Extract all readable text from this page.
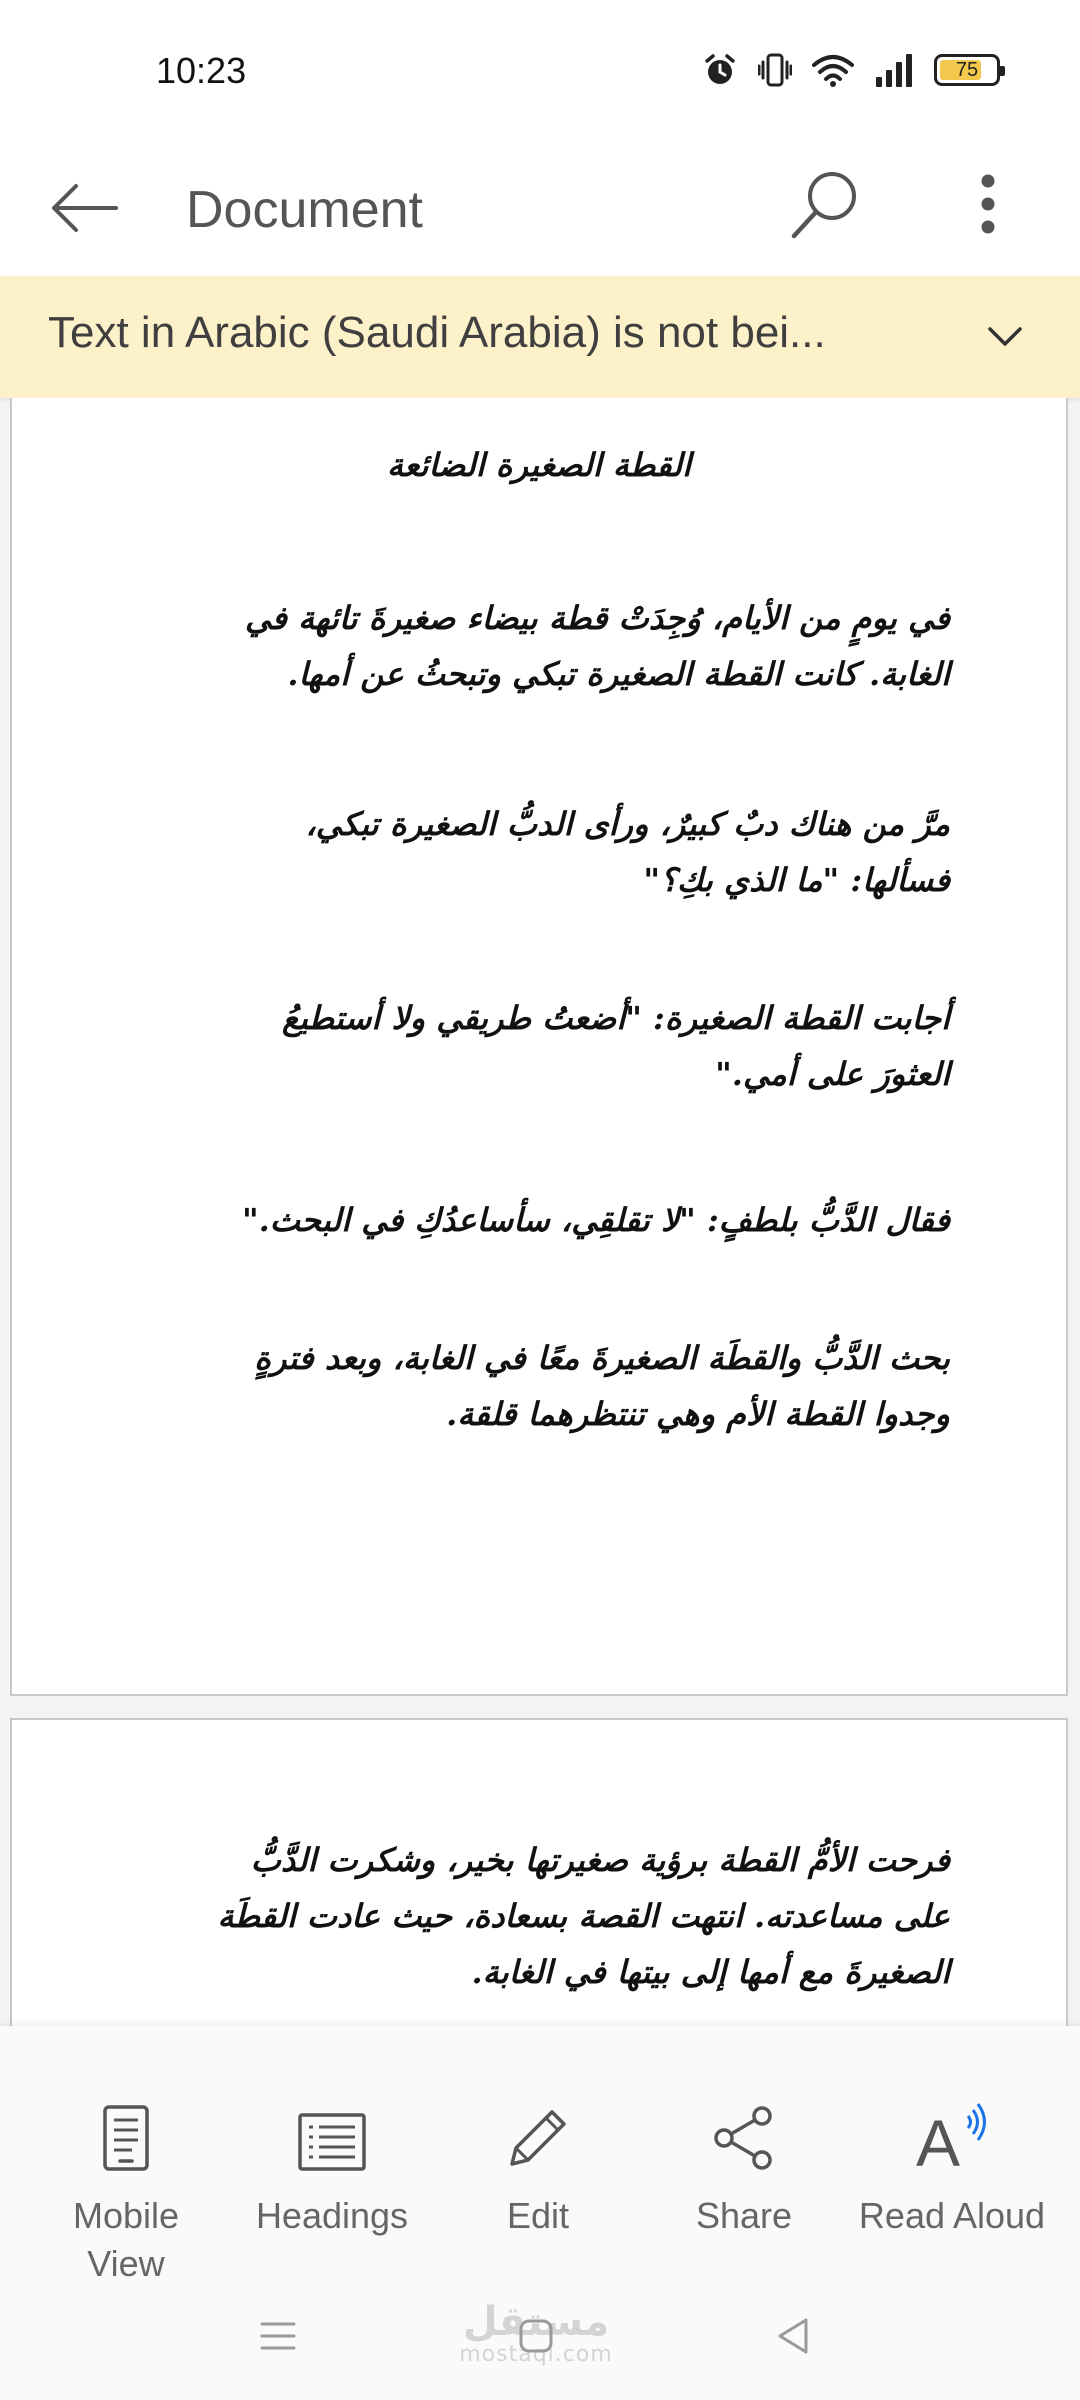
10:23	75
Document
Text in Arabic (Saudi Arabia) is not bei...
القطة الصغيرة الضائعة
في يومٍ من الأيام، وُجِدَتْ قطة بيضاء صغيرةَ تائهة في
الغابة. كانت القطة الصغيرة تبكي وتبحثُ عن أمها.
مرَّ من هناك دبٌ كبيرٌ، ورأى الدبُّ الصغيرة تبكي،
فسألها: "ما الذي بكِ؟"
أجابت القطة الصغيرة: "أضعتُ طريقي ولا أستطيعُ
العثورَ على أمي."
فقال الدَّبُّ بلطفٍ: "لا تقلقِي، سأساعدُكِ في البحث."
بحث الدَّبُّ والقطَة الصغيرةَ معًا في الغابة، وبعد فترةٍ
وجدوا القطة الأم وهي تنتظرهما قلقة.
فرحت الأمُّ القطة برؤية صغيرتها بخير، وشكرت الدَّبُّ
على مساعدته. انتهت القصة بسعادة، حيث عادت القطَة
الصغيرةَ مع أمها إلى بيتها في الغابة.
Mobile
View
Headings	Edit	Share
A
Read Aloud
مستقل
mostaql.com
